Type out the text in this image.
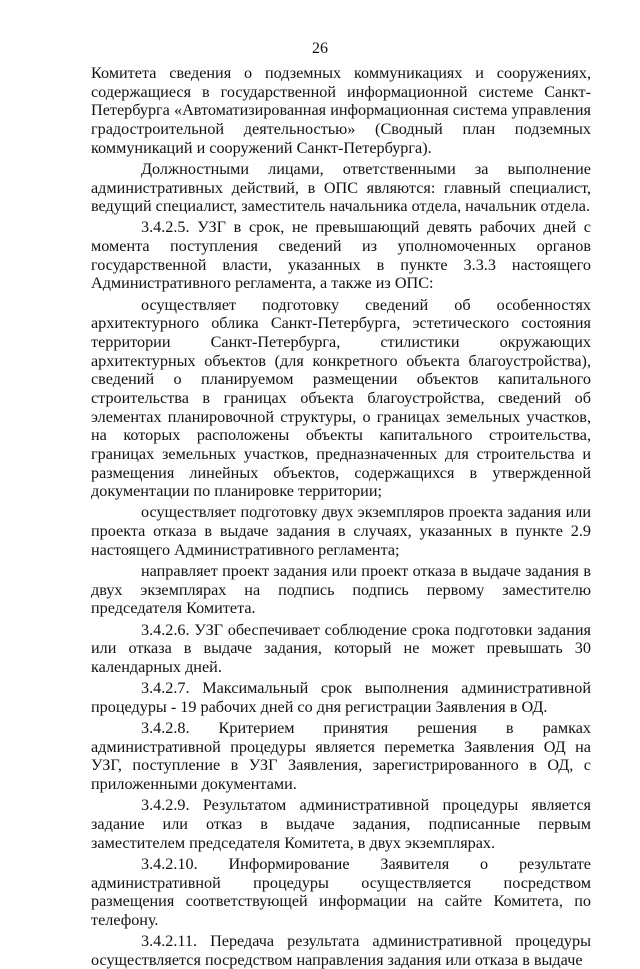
26

Комитета сведения о подземных коммуникациях и сооружениях, содержащиеся в государственной информационной системе Санкт-Петербурга «Автоматизированная информационная система управления градостроительной деятельностью» (Сводный план подземных коммуникаций и сооружений Санкт-Петербурга).

Должностными лицами, ответственными за выполнение административных действий, в ОПС являются: главный специалист, ведущий специалист, заместитель начальника отдела, начальник отдела.

3.4.2.5. УЗГ в срок, не превышающий девять рабочих дней с момента поступления сведений из уполномоченных органов государственной власти, указанных в пункте 3.3.3 настоящего Административного регламента, а также из ОПС:

осуществляет подготовку сведений об особенностях архитектурного облика Санкт-Петербурга, эстетического состояния территории Санкт-Петербурга, стилистики окружающих архитектурных объектов (для конкретного объекта благоустройства), сведений о планируемом размещении объектов капитального строительства в границах объекта благоустройства, сведений об элементах планировочной структуры, о границах земельных участков, на которых расположены объекты капитального строительства, границах земельных участков, предназначенных для строительства и размещения линейных объектов, содержащихся в утвержденной документации по планировке территории;

осуществляет подготовку двух экземпляров проекта задания или проекта отказа в выдаче задания в случаях, указанных в пункте 2.9 настоящего Административного регламента;

направляет проект задания или проект отказа в выдаче задания в двух экземплярах на подпись подпись первому заместителю председателя Комитета.

3.4.2.6. УЗГ обеспечивает соблюдение срока подготовки задания или отказа в выдаче задания, который не может превышать 30 календарных дней.

3.4.2.7. Максимальный срок выполнения административной процедуры - 19 рабочих дней со дня регистрации Заявления в ОД.

3.4.2.8. Критерием принятия решения в рамках административной процедуры является переметка Заявления ОД на УЗГ, поступление в УЗГ Заявления, зарегистрированного в ОД, с приложенными документами.

3.4.2.9. Результатом административной процедуры является задание или отказ в выдаче задания, подписанные первым заместителем председателя Комитета, в двух экземплярах.

3.4.2.10. Информирование Заявителя о результате административной процедуры осуществляется посредством размещения соответствующей информации на сайте Комитета, по телефону.

3.4.2.11. Передача результата административной процедуры осуществляется посредством направления задания или отказа в выдаче
